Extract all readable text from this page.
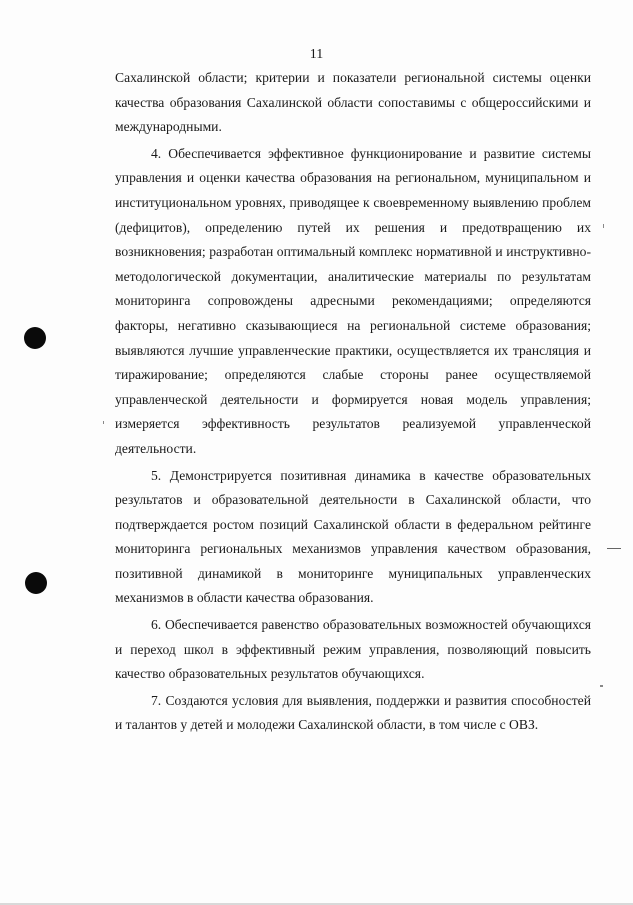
11

Сахалинской области; критерии и показатели региональной системы оценки качества образования Сахалинской области сопоставимы с общероссийскими и международными.

4. Обеспечивается эффективное функционирование и развитие системы управления и оценки качества образования на региональном, муниципальном и институциональном уровнях, приводящее к своевременному выявлению проблем (дефицитов), определению путей их решения и предотвращению их возникновения; разработан оптимальный комплекс нормативной и инструктивно-методологической документации, аналитические материалы по результатам мониторинга сопровождены адресными рекомендациями; определяются факторы, негативно сказывающиеся на региональной системе образования; выявляются лучшие управленческие практики, осуществляется их трансляция и тиражирование; определяются слабые стороны ранее осуществляемой управленческой деятельности и формируется новая модель управления; измеряется эффективность результатов реализуемой управленческой деятельности.

5. Демонстрируется позитивная динамика в качестве образовательных результатов и образовательной деятельности в Сахалинской области, что подтверждается ростом позиций Сахалинской области в федеральном рейтинге мониторинга региональных механизмов управления качеством образования, позитивной динамикой в мониторинге муниципальных управленческих механизмов в области качества образования.

6. Обеспечивается равенство образовательных возможностей обучающихся и переход школ в эффективный режим управления, позволяющий повысить качество образовательных результатов обучающихся.

7. Создаются условия для выявления, поддержки и развития способностей и талантов у детей и молодежи Сахалинской области, в том числе с ОВЗ.
